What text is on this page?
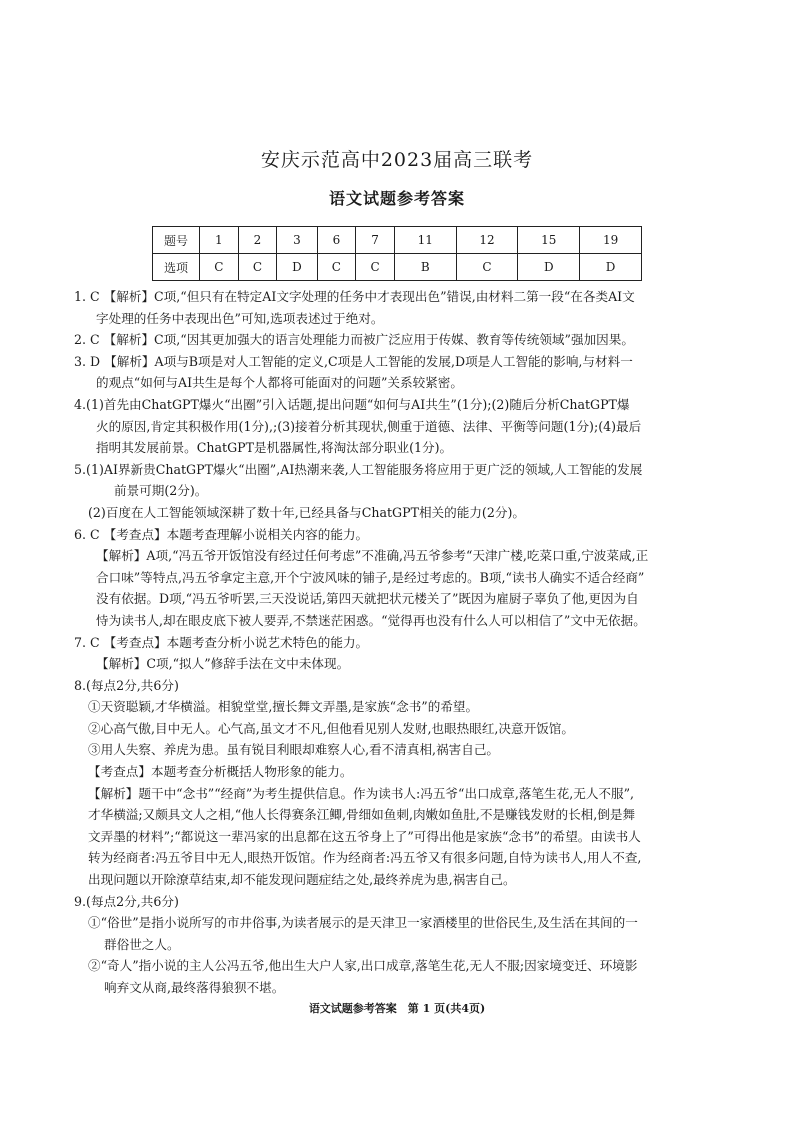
安庆示范高中2023届高三联考
语文试题参考答案
题号	1	2	3	6	7	11	12	15	19
选项	C	C	D	C	C	B	C	D	D
1. C 【解析】C项,“但只有在特定AI文字处理的任务中才表现出色”错误,由材料二第一段“在各类AI文
字处理的任务中表现出色”可知,选项表述过于绝对。
2. C 【解析】C项,“因其更加强大的语言处理能力而被广泛应用于传媒、教育等传统领域”强加因果。
3. D 【解析】A项与B项是对人工智能的定义,C项是人工智能的发展,D项是人工智能的影响,与材料一
的观点“如何与AI共生是每个人都将可能面对的问题”关系较紧密。
4.(1)首先由ChatGPT爆火“出圈”引入话题,提出问题“如何与AI共生”(1分);(2)随后分析ChatGPT爆
火的原因,肯定其积极作用(1分),;(3)接着分析其现状,侧重于道德、法律、平衡等问题(1分);(4)最后
指明其发展前景。ChatGPT是机器属性,将淘汰部分职业(1分)。
5.(1)AI界新贵ChatGPT爆火“出圈”,AI热潮来袭,人工智能服务将应用于更广泛的领域,人工智能的发展
前景可期(2分)。
(2)百度在人工智能领域深耕了数十年,已经具备与ChatGPT相关的能力(2分)。
6. C 【考查点】本题考查理解小说相关内容的能力。
【解析】A项,“冯五爷开饭馆没有经过任何考虑”不准确,冯五爷参考“天津广楼,吃菜口重,宁波菜咸,正
合口味”等特点,冯五爷拿定主意,开个宁波风味的铺子,是经过考虑的。B项,“读书人确实不适合经商”
没有依据。D项,“冯五爷听罢,三天没说话,第四天就把状元楼关了”既因为雇厨子辜负了他,更因为自
恃为读书人,却在眼皮底下被人要弄,不禁迷茫困惑。“觉得再也没有什么人可以相信了”文中无依据。
7. C 【考查点】本题考查分析小说艺术特色的能力。
【解析】C项,“拟人”修辞手法在文中未体现。
8.(每点2分,共6分)
①天资聪颖,才华横溢。相貌堂堂,擅长舞文弄墨,是家族“念书”的希望。
②心高气傲,目中无人。心气高,虽文才不凡,但他看见别人发财,也眼热眼红,决意开饭馆。
③用人失察、养虎为患。虽有锐目利眼却难察人心,看不清真相,祸害自己。
【考查点】本题考查分析概括人物形象的能力。
【解析】题干中“念书”“经商”为考生提供信息。作为读书人:冯五爷“出口成章,落笔生花,无人不服”,
才华横溢;又颇具文人之相,“他人长得赛条江鲫,骨细如鱼刺,肉嫩如鱼肚,不是赚钱发财的长相,倒是舞
文弄墨的材料”;“都说这一辈冯家的出息都在这五爷身上了”可得出他是家族“念书”的希望。由读书人
转为经商者:冯五爷目中无人,眼热开饭馆。作为经商者:冯五爷又有很多问题,自恃为读书人,用人不查,
出现问题以开除潦草结束,却不能发现问题症结之处,最终养虎为患,祸害自己。
9.(每点2分,共6分)
①“俗世”是指小说所写的市井俗事,为读者展示的是天津卫一家酒楼里的世俗民生,及生活在其间的一
群俗世之人。
②“奇人”指小说的主人公冯五爷,他出生大户人家,出口成章,落笔生花,无人不服;因家境变迁、环境影
响弃文从商,最终落得狼狈不堪。
语文试题参考答案　第 1 页(共4页)
